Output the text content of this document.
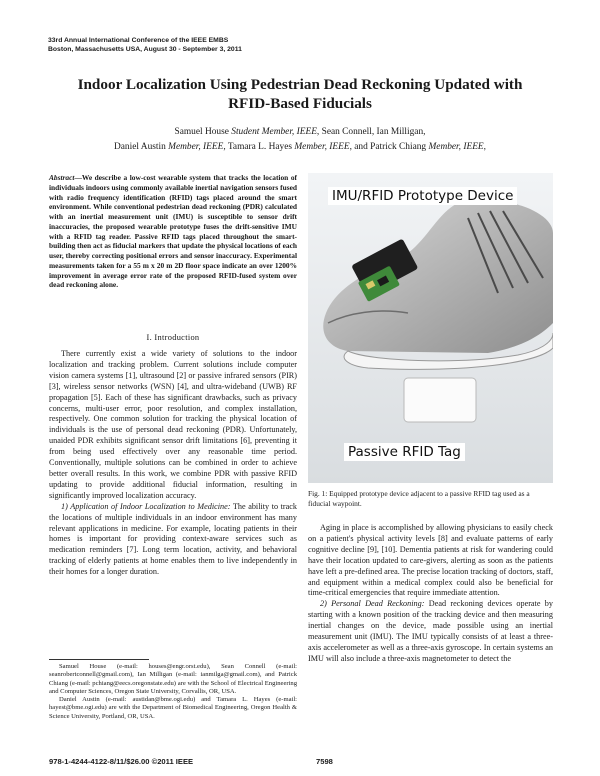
33rd Annual International Conference of the IEEE EMBS
Boston, Massachusetts USA, August 30 - September 3, 2011
Indoor Localization Using Pedestrian Dead Reckoning Updated with
RFID-Based Fiducials
Samuel House Student Member, IEEE, Sean Connell, Ian Milligan,
Daniel Austin Member, IEEE, Tamara L. Hayes Member, IEEE, and Patrick Chiang Member, IEEE,
Abstract—We describe a low-cost wearable system that tracks the location of individuals indoors using commonly available inertial navigation sensors fused with radio frequency identification (RFID) tags placed around the smart environment. While conventional pedestrian dead reckoning (PDR) calculated with an inertial measurement unit (IMU) is susceptible to sensor drift inaccuracies, the proposed wearable prototype fuses the drift-sensitive IMU with a RFID tag reader. Passive RFID tags placed throughout the smart-building then act as fiducial markers that update the physical locations of each user, thereby correcting positional errors and sensor inaccuracy. Experimental measurements taken for a 55 m x 20 m 2D floor space indicate an over 1200% improvement in average error rate of the proposed RFID-fused system over dead reckoning alone.
I. Introduction

There currently exist a wide variety of solutions to the indoor localization and tracking problem. Current solutions include computer vision camera systems [1], ultrasound [2] or passive infrared sensors (PIR) [3], wireless sensor networks (WSN) [4], and ultra-wideband (UWB) RF propagation [5]. Each of these has significant drawbacks, such as privacy concerns, multi-user error, poor resolution, and complex installation, respectively. One common solution for tracking the physical location of individuals is the use of personal dead reckoning (PDR). Unfortunately, unaided PDR exhibits significant sensor drift limitations [6], preventing it from being used effectively over any reasonable time period. Conventionally, multiple solutions can be combined in order to achieve better overall results. In this work, we combine PDR with passive RFID updating to provide additional fiducial information, resulting in significantly improved localization accuracy.

1) Application of Indoor Localization to Medicine: The ability to track the locations of multiple individuals in an indoor environment has many relevant applications in medicine. For example, locating patients in their homes is important for providing context-aware services such as medication reminders [7]. Long term location, activity, and behavioral tracking of elderly patients at home enables them to live independently in their homes for a longer duration.

Samuel House (e-mail: houses@engr.orst.edu), Sean Connell (e-mail: seanrobertconnell@gmail.com), Ian Milligan (e-mail: ianmilga@gmail.com), and Patrick Chiang (e-mail: pchiang@eecs.oregonstate.edu) are with the School of Electrical Engineering and Computer Sciences, Oregon State University, Corvallis, OR, USA.

Daniel Austin (e-mail: austidan@bme.ogi.edu) and Tamara L. Hayes (e-mail: hayest@bme.ogi.edu) are with the Department of Biomedical Engineering, Oregon Health & Science University, Portland, OR, USA.

IMU/RFID Prototype Device
Passive RFID Tag
Fig. 1: Equipped prototype device adjacent to a passive RFID tag used as a fiducial waypoint.

Aging in place is accomplished by allowing physicians to easily check on a patient's physical activity levels [8] and evaluate patterns of early cognitive decline [9], [10]. Dementia patients at risk for wandering could have their location updated to care-givers, alerting as soon as the patients have left a pre-defined area. The precise location tracking of doctors, staff, and equipment within a medical complex could also be beneficial for time-critical emergencies that require immediate attention.

2) Personal Dead Reckoning: Dead reckoning devices operate by starting with a known position of the tracking device and then measuring inertial changes on the device, made possible using an inertial measurement unit (IMU). The IMU typically consists of at least a three-axis accelerometer as well as a three-axis gyroscope. In certain systems an IMU will also include a three-axis magnetometer to detect the

978-1-4244-4122-8/11/$26.00 ©2011 IEEE	7598
